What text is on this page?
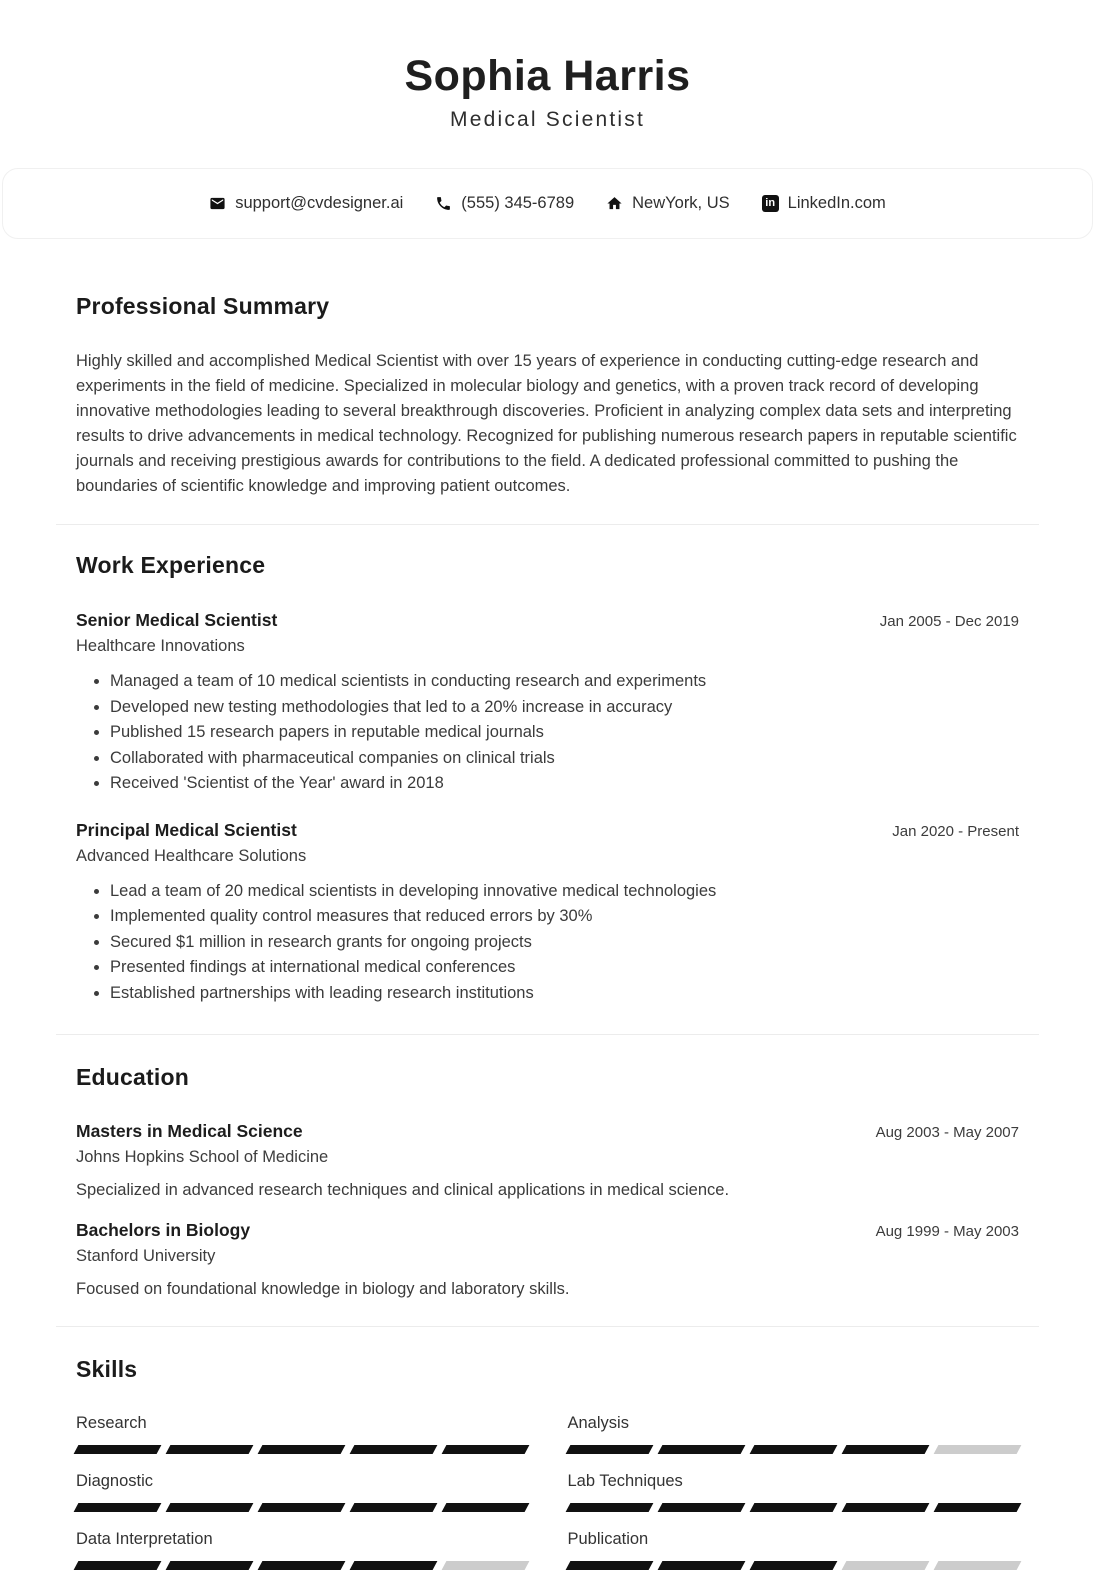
Sophia Harris
Medical Scientist
support@cvdesigner.ai	(555) 345-6789	NewYork, US	in LinkedIn.com
Professional Summary

Highly skilled and accomplished Medical Scientist with over 15 years of experience in conducting cutting-edge research and experiments in the field of medicine. Specialized in molecular biology and genetics, with a proven track record of developing innovative methodologies leading to several breakthrough discoveries. Proficient in analyzing complex data sets and interpreting results to drive advancements in medical technology. Recognized for publishing numerous research papers in reputable scientific journals and receiving prestigious awards for contributions to the field. A dedicated professional committed to pushing the boundaries of scientific knowledge and improving patient outcomes.

Work Experience
Senior Medical Scientist	Jan 2005 - Dec 2019
Healthcare Innovations
• Managed a team of 10 medical scientists in conducting research and experiments
• Developed new testing methodologies that led to a 20% increase in accuracy
• Published 15 research papers in reputable medical journals
• Collaborated with pharmaceutical companies on clinical trials
• Received 'Scientist of the Year' award in 2018
Principal Medical Scientist	Jan 2020 - Present
Advanced Healthcare Solutions
• Lead a team of 20 medical scientists in developing innovative medical technologies
• Implemented quality control measures that reduced errors by 30%
• Secured $1 million in research grants for ongoing projects
• Presented findings at international medical conferences
• Established partnerships with leading research institutions
Education
Masters in Medical Science	Aug 2003 - May 2007
Johns Hopkins School of Medicine

Specialized in advanced research techniques and clinical applications in medical science.

Bachelors in Biology	Aug 1999 - May 2003
Stanford University

Focused on foundational knowledge in biology and laboratory skills.

Skills
Research	Analysis
Diagnostic	Lab Techniques
Data Interpretation	Publication
